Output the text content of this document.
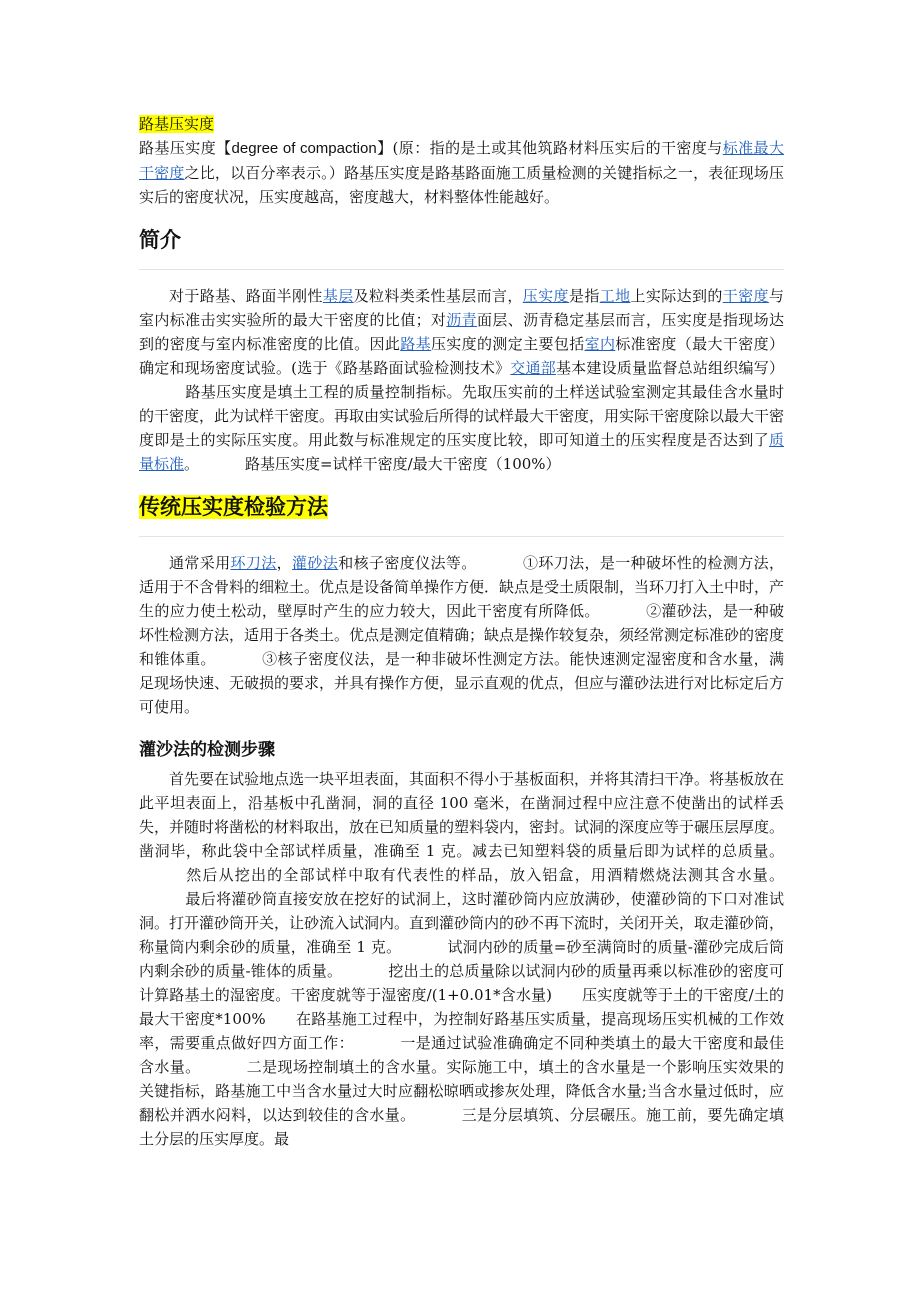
路基压实度

路基压实度【degree of compaction】(原：指的是土或其他筑路材料压实后的干密度与标准最大干密度之比，以百分率表示。）路基压实度是路基路面施工质量检测的关键指标之一，表征现场压实后的密度状况，压实度越高，密度越大，材料整体性能越好。

简介

对于路基、路面半刚性基层及粒料类柔性基层而言，压实度是指工地上实际达到的干密度与室内标准击实实验所的最大干密度的比值；对沥青面层、沥青稳定基层而言，压实度是指现场达到的密度与室内标准密度的比值。因此路基压实度的测定主要包括室内标准密度（最大干密度）确定和现场密度试验。(选于《路基路面试验检测技术》交通部基本建设质量监督总站组织编写）路基压实度是填土工程的质量控制指标。先取压实前的土样送试验室测定其最佳含水量时的干密度，此为试样干密度。再取由实试验后所得的试样最大干密度，用实际干密度除以最大干密度即是土的实际压实度。用此数与标准规定的压实度比较，即可知道土的压实程度是否达到了质量标准。	路基压实度=试样干密度/最大干密度（100%）

传统压实度检验方法

通常采用环刀法，灌砂法和核子密度仪法等。	①环刀法，是一种破坏性的检测方法，适用于不含骨料的细粒土。优点是设备简单操作方便．缺点是受土质限制，当环刀打入土中时，产生的应力使土松动，壁厚时产生的应力较大，因此干密度有所降低。	②灌砂法，是一种破坏性检测方法，适用于各类土。优点是测定值精确；缺点是操作较复杂，须经常测定标准砂的密度和锥体重。	③核子密度仪法，是一种非破坏性测定方法。能快速测定湿密度和含水量，满足现场快速、无破损的要求，并具有操作方便，显示直观的优点，但应与灌砂法进行对比标定后方可使用。

灌沙法的检测步骤

首先要在试验地点选一块平坦表面，其面积不得小于基板面积，并将其清扫干净。将基板放在此平坦表面上，沿基板中孔凿洞，洞的直径 100 毫米，在凿洞过程中应注意不使凿出的试样丢失，并随时将凿松的材料取出，放在已知质量的塑料袋内，密封。试洞的深度应等于碾压层厚度。凿洞毕，称此袋中全部试样质量，准确至 1 克。减去已知塑料袋的质量后即为试样的总质量。然后从挖出的全部试样中取有代表性的样品，放入铝盒，用酒精燃烧法测其含水量。最后将灌砂筒直接安放在挖好的试洞上，这时灌砂筒内应放满砂，使灌砂筒的下口对准试洞。打开灌砂筒开关，让砂流入试洞内。直到灌砂筒内的砂不再下流时，关闭开关，取走灌砂筒，称量筒内剩余砂的质量，准确至 1 克。	试洞内砂的质量=砂至满筒时的质量-灌砂完成后筒内剩余砂的质量-锥体的质量。	挖出土的总质量除以试洞内砂的质量再乘以标准砂的密度可计算路基土的湿密度。干密度就等于湿密度/(1+0.01*含水量) 压实度就等于土的干密度/土的最大干密度*100% 在路基施工过程中，为控制好路基压实质量，提高现场压实机械的工作效率，需要重点做好四方面工作：	一是通过试验准确确定不同种类填土的最大干密度和最佳含水量。	二是现场控制填土的含水量。实际施工中，填土的含水量是一个影响压实效果的关键指标，路基施工中当含水量过大时应翻松晾晒或掺灰处理，降低含水量;当含水量过低时，应翻松并洒水闷料，以达到较佳的含水量。	三是分层填筑、分层碾压。施工前，要先确定填土分层的压实厚度。最
